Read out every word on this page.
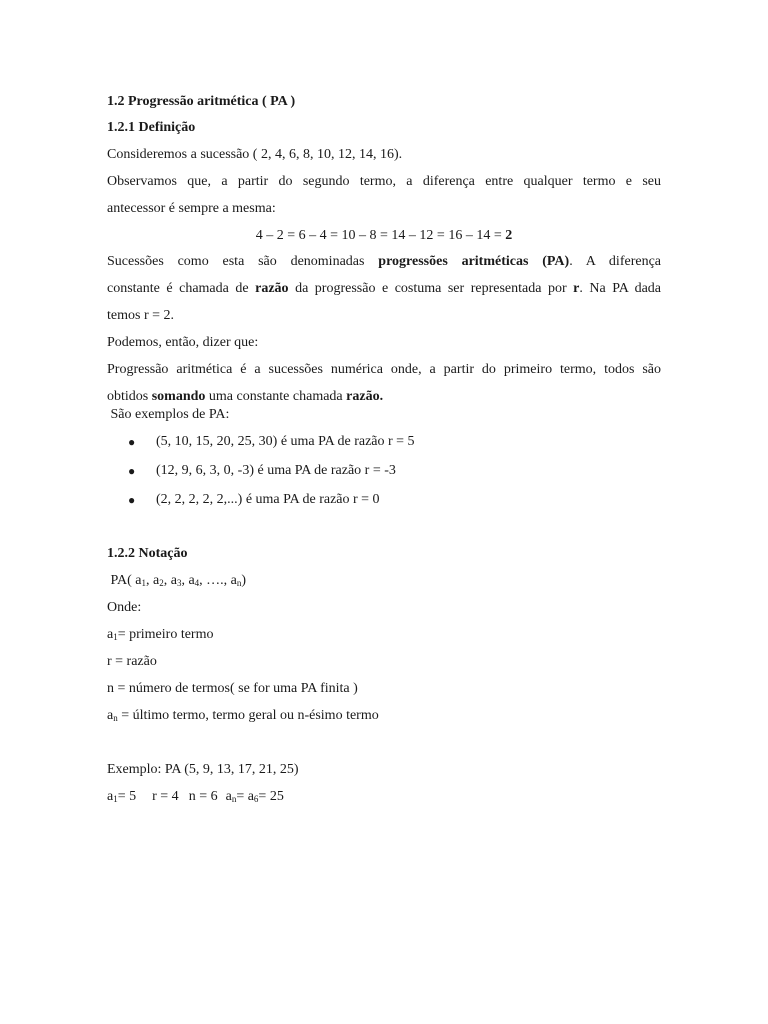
1.2 Progressão aritmética ( PA )
1.2.1 Definição
Consideremos a sucessão ( 2, 4, 6, 8, 10, 12, 14, 16).
Observamos que, a partir do segundo termo, a diferença entre qualquer termo e seu
antecessor é sempre a mesma:
4 – 2 = 6 – 4 = 10 – 8 = 14 – 12 = 16 – 14 = 2
Sucessões como esta são denominadas progressões aritméticas (PA). A diferença
constante é chamada de razão da progressão e costuma ser representada por r. Na PA dada
temos r = 2.
Podemos, então, dizer que:
Progressão aritmética é a sucessões numérica onde, a partir do primeiro termo, todos são
obtidos somando uma constante chamada razão.
São exemplos de PA:
● (5, 10, 15, 20, 25, 30) é uma PA de razão r = 5
● (12, 9, 6, 3, 0, -3) é uma PA de razão r = -3
● (2, 2, 2, 2, 2,...) é uma PA de razão r = 0
1.2.2 Notação
PA( $a_1$, $a_2$, $a_3$, $a_4$, …., $a_n$)
Onde:
$a_1=$ primeiro termo
r = razão
n = número de termos( se for uma PA finita )
$a_n$ = último termo, termo geral ou n-ésimo termo
Exemplo: PA (5, 9, 13, 17, 21, 25)
$a_1= 5$ r = 4 n = 6 $a_n= a_6= 25$
